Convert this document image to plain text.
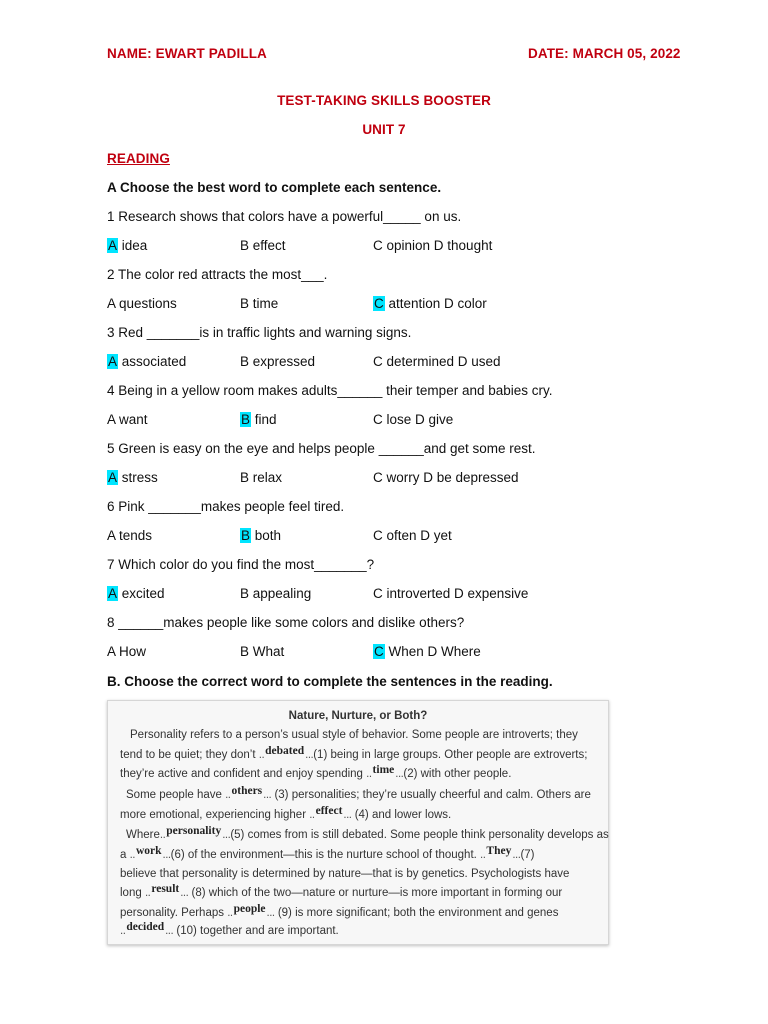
NAME: EWART PADILLA	DATE: MARCH 05, 2022
TEST-TAKING SKILLS BOOSTER
UNIT 7
READING
A Choose the best word to complete each sentence.
1 Research shows that colors have a powerful_____ on us.
A idea	B effect	C opinion D thought
2 The color red attracts the most___.
A questions	B time	C attention D color
3 Red _______is in traffic lights and warning signs.
A associated	B expressed	C determined D used
4 Being in a yellow room makes adults______ their temper and babies cry.
A want	B find	C lose D give
5 Green is easy on the eye and helps people ______and get some rest.
A stress	B relax	C worry D be depressed
6 Pink _______makes people feel tired.
A tends	B both	C often D yet
7 Which color do you find the most_______?
A excited	B appealing	C introverted D expensive
8 ______makes people like some colors and dislike others?
A How	B What	C When D Where
B. Choose the correct word to complete the sentences in the reading.
Nature, Nurture, or Both?
Personality refers to a person’s usual style of behavior. Some people are introverts; they
tend to be quiet; they don’t ..debated...(1) being in large groups. Other people are extroverts;
they’re active and confident and enjoy spending ..time...(2) with other people.
Some people have ..others... (3) personalities; they’re usually cheerful and calm. Others are
more emotional, experiencing higher ..effect... (4) and lower lows.
Where..personality...(5) comes from is still debated. Some people think personality develops as
a ..work...(6) of the environment—this is the nurture school of thought. ..They...(7)
believe that personality is determined by nature—that is by genetics. Psychologists have
long ..result... (8) which of the two—nature or nurture—is more important in forming our
personality. Perhaps ..people... (9) is more significant; both the environment and genes
..decided... (10) together and are important.
